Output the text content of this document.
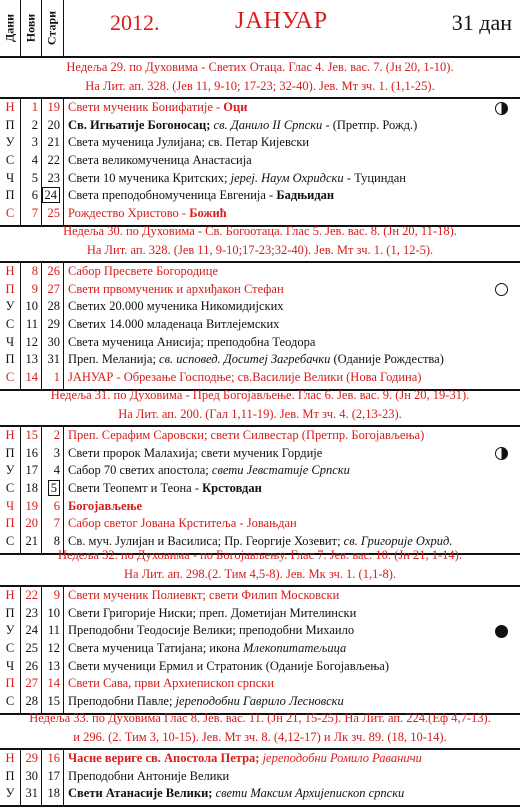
Дани Нови Стари 2012.	ЈАНУАР	31 дан
Недеља 29. по Духовима - Светих Отаца. Глас 4. Јев. вас. 7. (Јн 20, 1-10).
На Лит. ап. 328. (Јев 11, 9-10; 17-23; 32-40). Јев. Мт зч. 1. (1,1-25).
Н	1 19 Свети мученик Бонифатије - Оци
П	2 20 Св. Игњатије Богоносац; св. Данило II Српски - (Претпр. Рожд.)
У	3 21 Света мученица Јулијана; св. Петар Кијевски
С	4 22 Света великомученица Анастасија
Ч	5 23 Свети 10 мученика Критских; јереј. Наум Охридски - Туциндан
П	6 24 Света преподобномученица Евгенија - Бадњидан
С	7 25 Рождество Христово - Божић
Недеља 30. по Духовима - Св. Богоотаца. Глас 5. Јев. вас. 8. (Јн 20, 11-18).
На Лит. ап. 328. (Јев 11, 9-10;17-23;32-40). Јев. Мт зч. 1. (1, 12-5).
Н	8 26 Сабор Пресвете Богородице
П	9 27 Свети првомученик и архиђакон Стефан
У 10 28 Светих 20.000 мученика Никомидијских
С 11 29 Светих 14.000 младенаца Витлејемских
Ч 12 30 Света мученица Анисија; преподобна Теодора
П 13 31 Преп. Меланија; св. исповед. Доситеј Загребачки (Оданије Рождества)
С 14	1 ЈАНУАР - Обрезање Господње; св.Василије Велики (Нова Година)
Недеља 31. по Духовима - Пред Богојављење. Глас 6. Јев. вас. 9. (Јн 20, 19-31).
На Лит. ап. 200. (Гал 1,11-19). Јев. Мт зч. 4. (2,13-23).
Н 15	2 Преп. Серафим Саровски; свети Силвестар (Претпр. Богојављења)
П 16	3 Свети пророк Малахија; свети мученик Гордије
У 17	4 Сабор 70 светих апостола; свети Јевстатије Српски
С 18	5 Свети Теопемт и Теона - Крстовдан
Ч 19	6 Богојављење
П 20	7 Сабор светог Јована Крститеља - Јовањдан
С 21	8 Св. муч. Јулијан и Василиса; Пр. Георгије Хозевит; св. Григорије Охрид.
Недеља 32. по Духовима - по Богојављењу. Глас 7. Јев. вас. 10. (Јн 21, 1-14).
На Лит. ап. 298.(2. Тим 4,5-8). Јев. Мк зч. 1. (1,1-8).
Н 22	9 Свети мученик Полиевкт; свети Филип Московски
П 23 10 Свети Григорије Ниски; преп. Дометијан Мителински
У 24 11 Преподобни Теодосије Велики; преподобни Михаило
С 25 12 Света мученица Татијана; икона Млекопитатељица
Ч 26 13 Свети мученици Ермил и Стратоник (Оданије Богојављења)
П 27 14 Свети Сава, први Архиепископ српски
С 28 15 Преподобни Павле; јереподобни Гаврило Лесновски
Недеља 33. по Духовима Глас 8. Јев. вас. 11. (Јн 21, 15-25). На Лит. ап. 224.(Еф 4,7-13).
и 296. (2. Тим 3, 10-15). Јев. Мт зч. 8. (4,12-17) и Лк зч. 89. (18, 10-14).
Н 29 16 Часне вериге св. Апостола Петра; јереподобни Ромило Раваничи
П 30 17 Преподобни Антоније Велики
У 31 18 Свети Атанасије Велики; свети Максим Архијепископ српски
